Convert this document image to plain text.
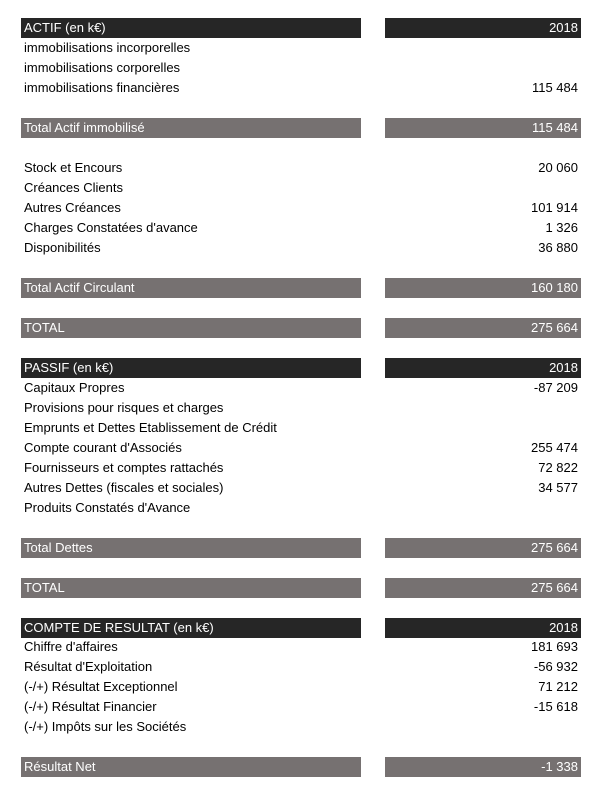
ACTIF (en k€)	2018
immobilisations incorporelles
immobilisations corporelles
immobilisations financières	115 484
Total Actif immobilisé	115 484
Stock et Encours	20 060
Créances Clients
Autres Créances	101 914
Charges Constatées d'avance	1 326
Disponibilités	36 880
Total Actif Circulant	160 180
TOTAL	275 664
PASSIF (en k€)	2018
Capitaux Propres	-87 209
Provisions pour risques et charges
Emprunts et Dettes Etablissement de Crédit
Compte courant d'Associés	255 474
Fournisseurs et comptes rattachés	72 822
Autres Dettes (fiscales et sociales)	34 577
Produits Constatés d'Avance
Total Dettes	275 664
TOTAL	275 664
COMPTE DE RESULTAT (en k€)	2018
Chiffre d'affaires	181 693
Résultat d'Exploitation	-56 932
(-/+) Résultat Exceptionnel	71 212
(-/+) Résultat Financier	-15 618
(-/+) Impôts sur les Sociétés
Résultat Net	-1 338
